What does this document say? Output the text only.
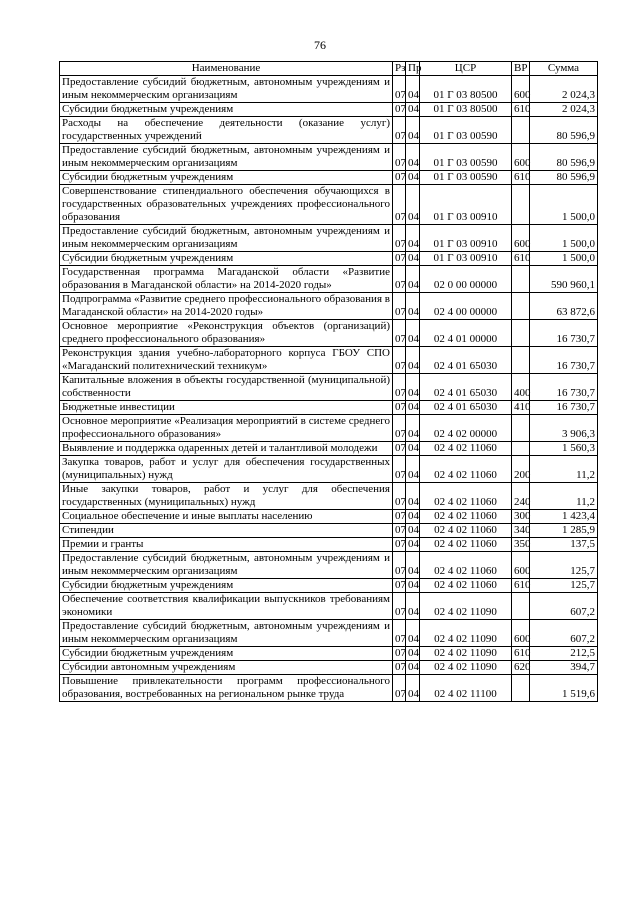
76
Наименование	Рз	Пр	ЦСР	ВР	Сумма
Предоставление субсидий бюджетным, автономным учреждениям и иным некоммерческим организациям	07	04	01 Г 03 80500	600	2 024,3
Субсидии бюджетным учреждениям	07	04	01 Г 03 80500	610	2 024,3
Расходы на обеспечение деятельности (оказание услуг) государственных учреждений	07	04	01 Г 03 00590		80 596,9
Предоставление субсидий бюджетным, автономным учреждениям и иным некоммерческим организациям	07	04	01 Г 03 00590	600	80 596,9
Субсидии бюджетным учреждениям	07	04	01 Г 03 00590	610	80 596,9
Совершенствование стипендиального обеспечения обучающихся в государственных образовательных учреждениях профессионального образования	07	04	01 Г 03 00910		1 500,0
Предоставление субсидий бюджетным, автономным учреждениям и иным некоммерческим организациям	07	04	01 Г 03 00910	600	1 500,0
Субсидии бюджетным учреждениям	07	04	01 Г 03 00910	610	1 500,0
Государственная программа Магаданской области «Развитие образования в Магаданской области» на 2014-2020 годы»	07	04	02 0 00 00000		590 960,1
Подпрограмма «Развитие среднего профессионального образования в Магаданской области» на 2014-2020 годы»	07	04	02 4 00 00000		63 872,6
Основное мероприятие «Реконструкция объектов (организаций) среднего профессионального образования»	07	04	02 4 01 00000		16 730,7
Реконструкция здания учебно-лабораторного корпуса ГБОУ СПО «Магаданский политехнический техникум»	07	04	02 4 01 65030		16 730,7
Капитальные вложения в объекты государственной (муниципальной) собственности	07	04	02 4 01 65030	400	16 730,7
Бюджетные инвестиции	07	04	02 4 01 65030	410	16 730,7
Основное мероприятие «Реализация мероприятий в системе среднего профессионального образования»	07	04	02 4 02 00000		3 906,3
Выявление и поддержка одаренных детей и талантливой молодежи	07	04	02 4 02 11060		1 560,3
Закупка товаров, работ и услуг для обеспечения государственных (муниципальных) нужд	07	04	02 4 02 11060	200	11,2
Иные закупки товаров, работ и услуг для обеспечения государственных (муниципальных) нужд	07	04	02 4 02 11060	240	11,2
Социальное обеспечение и иные выплаты населению	07	04	02 4 02 11060	300	1 423,4
Стипендии	07	04	02 4 02 11060	340	1 285,9
Премии и гранты	07	04	02 4 02 11060	350	137,5
Предоставление субсидий бюджетным, автономным учреждениям и иным некоммерческим организациям	07	04	02 4 02 11060	600	125,7
Субсидии бюджетным учреждениям	07	04	02 4 02 11060	610	125,7
Обеспечение соответствия квалификации выпускников требованиям экономики	07	04	02 4 02 11090		607,2
Предоставление субсидий бюджетным, автономным учреждениям и иным некоммерческим организациям	07	04	02 4 02 11090	600	607,2
Субсидии бюджетным учреждениям	07	04	02 4 02 11090	610	212,5
Субсидии автономным учреждениям	07	04	02 4 02 11090	620	394,7
Повышение привлекательности программ профессионального образования, востребованных на региональном рынке труда	07	04	02 4 02 11100		1 519,6
